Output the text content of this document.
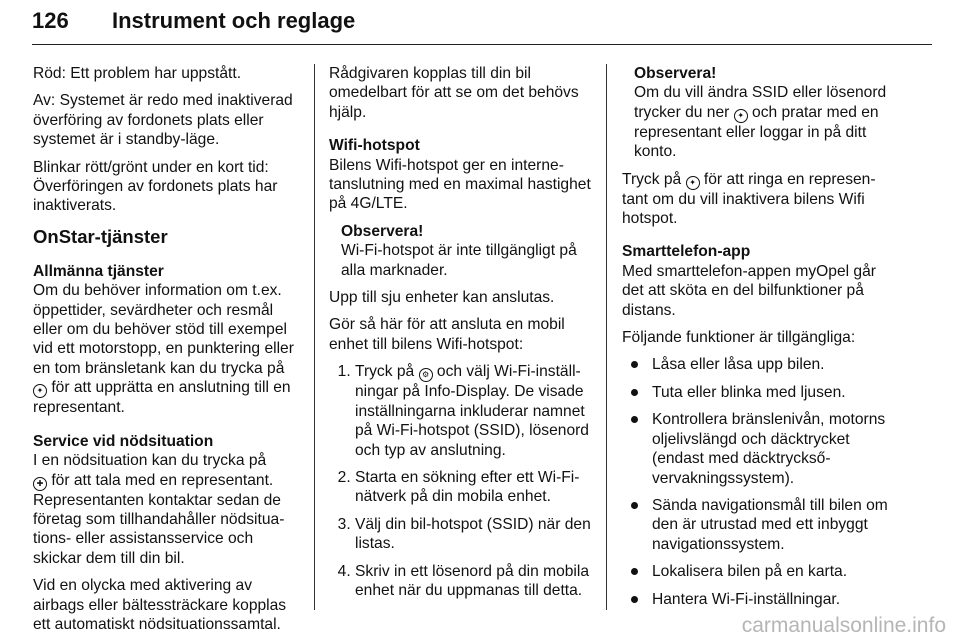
126 Instrument och reglage

Röd: Ett problem har uppstått.

Av: Systemet är redo med inaktiverad överföring av fordonets plats eller systemet är i standby-läge.

Blinkar rött/grönt under en kort tid: Överföringen av fordonets plats har inaktiverats.

OnStar-tjänster

Allmänna tjänster
Om du behöver information om t.ex. öppettider, sevärdheter och resmål eller om du behöver stöd till exempel vid ett motorstopp, en punktering eller en tom bränsletank kan du trycka på
✦ för att upprätta en anslutning till en representant.

Service vid nödsituation
I en nödsituation kan du trycka på
✚ för att tala med en representant. Representanten kontaktar sedan de företag som tillhandahåller nödsituations- eller assistansservice och skickar dem till din bil.

Vid en olycka med aktivering av airbags eller bältessträckare kopplas ett automatiskt nödsituationssamtal.

Rådgivaren kopplas till din bil omedelbart för att se om det behövs hjälp.

Wifi-hotspot
Bilens Wifi-hotspot ger en internetanslutning med en maximal hastighet på 4G/LTE.

Observera!
Wi-Fi-hotspot är inte tillgängligt på alla marknader.

Upp till sju enheter kan anslutas.

Gör så här för att ansluta en mobil enhet till bilens Wifi-hotspot:

1. Tryck på ⚙ och välj Wi-Fi-inställningar på Info-Display. De visade inställningarna inkluderar namnet på Wi-Fi-hotspot (SSID), lösenord och typ av anslutning.
2. Starta en sökning efter ett Wi-Fi-nätverk på din mobila enhet.
3. Välj din bil-hotspot (SSID) när den listas.
4. Skriv in ett lösenord på din mobila enhet när du uppmanas till detta.
Observera!
Om du vill ändra SSID eller lösenord trycker du ner ✦ och pratar med en representant eller loggar in på ditt konto.

Tryck på ✦ för att ringa en representant om du vill inaktivera bilens Wifi hotspot.

Smarttelefon-app
Med smarttelefon-appen myOpel går det att sköta en del bilfunktioner på distans.

Följande funktioner är tillgängliga:

Låsa eller låsa upp bilen.
Tuta eller blinka med ljusen.
Kontrollera bränslenivån, motorns oljelivslängd och däcktrycket (endast med däcktrycksővervakningssystem).
Sända navigationsmål till bilen om den är utrustad med ett inbyggt navigationssystem.
Lokalisera bilen på en karta.
Hantera Wi-Fi-inställningar.
carmanualsonline.info
